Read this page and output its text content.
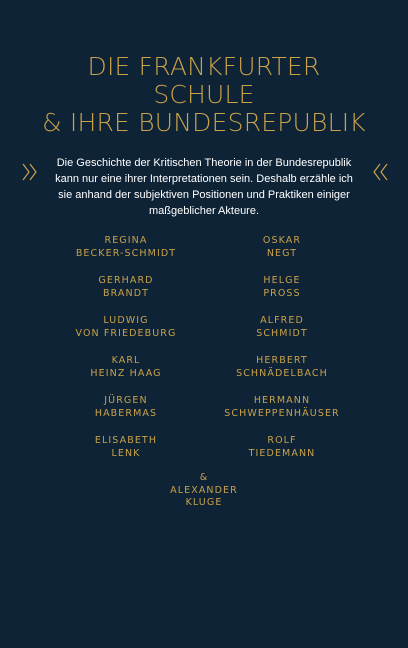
DIE FRANKFURTER
SCHULE
& IHRE BUNDESREPUBLIK
Die Geschichte der Kritischen Theorie in der Bundesrepublik kann nur eine ihrer Interpretationen sein. Deshalb erzähle ich sie anhand der subjektiven Positionen und Praktiken einiger maßgeblicher Akteure.
REGINA
BECKER-SCHMIDT
GERHARD
BRANDT
LUDWIG
VON FRIEDEBURG
KARL
HEINZ HAAG
JÜRGEN
HABERMAS
ELISABETH
LENK
OSKAR
NEGT
HELGE
PROSS
ALFRED
SCHMIDT
HERBERT
SCHNÄDELBACH
HERMANN
SCHWEPPENHÄUSER
ROLF
TIEDEMANN
&
ALEXANDER
KLUGE
